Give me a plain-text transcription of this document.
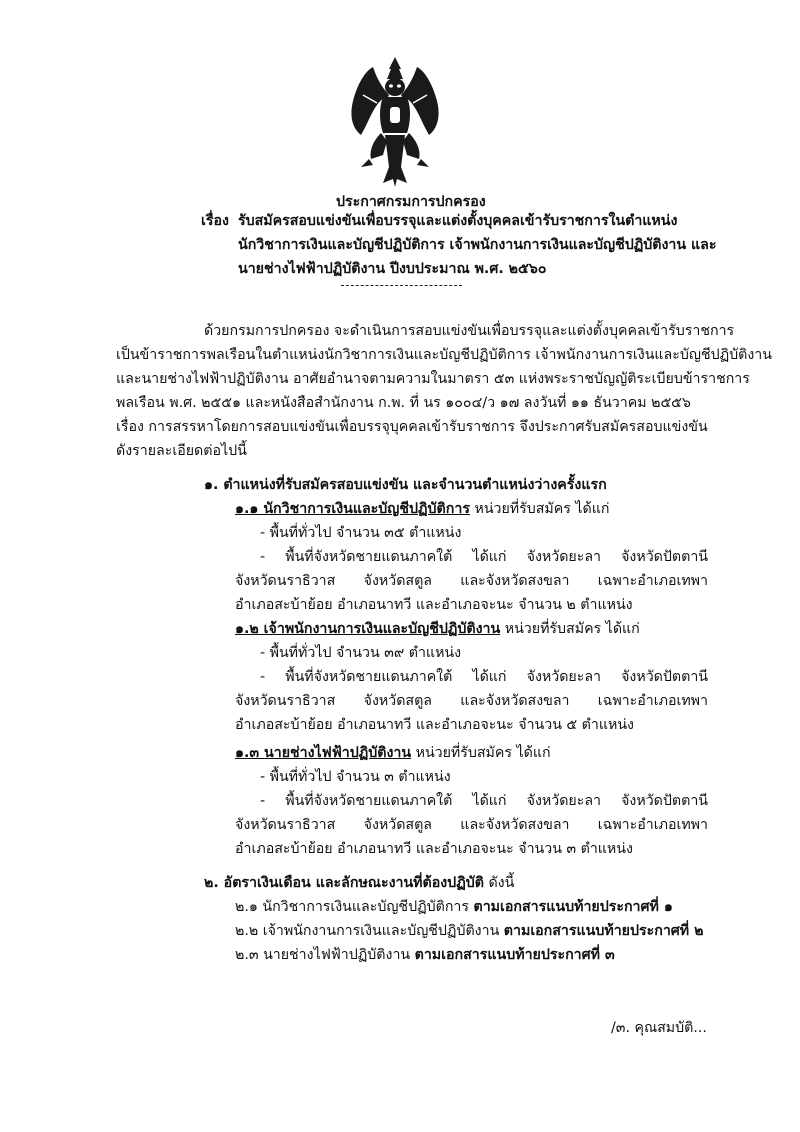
ประกาศกรมการปกครอง
เรื่อง รับสมัครสอบแข่งขันเพื่อบรรจุและแต่งตั้งบุคคลเข้ารับราชการในตำแหน่ง
นักวิชาการเงินและบัญชีปฏิบัติการ เจ้าพนักงานการเงินและบัญชีปฏิบัติงาน และ
นายช่างไฟฟ้าปฏิบัติงาน ปีงบประมาณ พ.ศ. ๒๕๖๐
ด้วยกรมการปกครอง จะดำเนินการสอบแข่งขันเพื่อบรรจุและแต่งตั้งบุคคลเข้ารับราชการ
เป็นข้าราชการพลเรือนในตำแหน่งนักวิชาการเงินและบัญชีปฏิบัติการ เจ้าพนักงานการเงินและบัญชีปฏิบัติงาน
และนายช่างไฟฟ้าปฏิบัติงาน อาศัยอำนาจตามความในมาตรา ๕๓ แห่งพระราชบัญญัติระเบียบข้าราชการ
พลเรือน พ.ศ. ๒๕๕๑ และหนังสือสำนักงาน ก.พ. ที่ นร ๑๐๐๔/ว ๑๗ ลงวันที่ ๑๑ ธันวาคม ๒๕๕๖
เรื่อง การสรรหาโดยการสอบแข่งขันเพื่อบรรจุบุคคลเข้ารับราชการ จึงประกาศรับสมัครสอบแข่งขัน
ดังรายละเอียดต่อไปนี้
๑. ตำแหน่งที่รับสมัครสอบแข่งขัน และจำนวนตำแหน่งว่างครั้งแรก
๑.๑ นักวิชาการเงินและบัญชีปฏิบัติการ หน่วยที่รับสมัคร ได้แก่
- พื้นที่ทั่วไป จำนวน ๓๕ ตำแหน่ง
- พื้นที่จังหวัดชายแดนภาคใต้ ได้แก่ จังหวัดยะลา จังหวัดปัตตานี
จังหวัดนราธิวาส จังหวัดสตูล และจังหวัดสงขลา เฉพาะอำเภอเทพา
อำเภอสะบ้าย้อย อำเภอนาทวี และอำเภอจะนะ จำนวน ๒ ตำแหน่ง
๑.๒ เจ้าพนักงานการเงินและบัญชีปฏิบัติงาน หน่วยที่รับสมัคร ได้แก่
- พื้นที่ทั่วไป จำนวน ๓๙ ตำแหน่ง
- พื้นที่จังหวัดชายแดนภาคใต้ ได้แก่ จังหวัดยะลา จังหวัดปัตตานี
จังหวัดนราธิวาส จังหวัดสตูล และจังหวัดสงขลา เฉพาะอำเภอเทพา
อำเภอสะบ้าย้อย อำเภอนาทวี และอำเภอจะนะ จำนวน ๕ ตำแหน่ง
๑.๓ นายช่างไฟฟ้าปฏิบัติงาน หน่วยที่รับสมัคร ได้แก่
- พื้นที่ทั่วไป จำนวน ๓ ตำแหน่ง
- พื้นที่จังหวัดชายแดนภาคใต้ ได้แก่ จังหวัดยะลา จังหวัดปัตตานี
จังหวัดนราธิวาส จังหวัดสตูล และจังหวัดสงขลา เฉพาะอำเภอเทพา
อำเภอสะบ้าย้อย อำเภอนาทวี และอำเภอจะนะ จำนวน ๓ ตำแหน่ง
๒. อัตราเงินเดือน และลักษณะงานที่ต้องปฏิบัติ ดังนี้
๒.๑ นักวิชาการเงินและบัญชีปฏิบัติการ ตามเอกสารแนบท้ายประกาศที่ ๑
๒.๒ เจ้าพนักงานการเงินและบัญชีปฏิบัติงาน ตามเอกสารแนบท้ายประกาศที่ ๒
๒.๓ นายช่างไฟฟ้าปฏิบัติงาน ตามเอกสารแนบท้ายประกาศที่ ๓
/๓. คุณสมบัติ...
